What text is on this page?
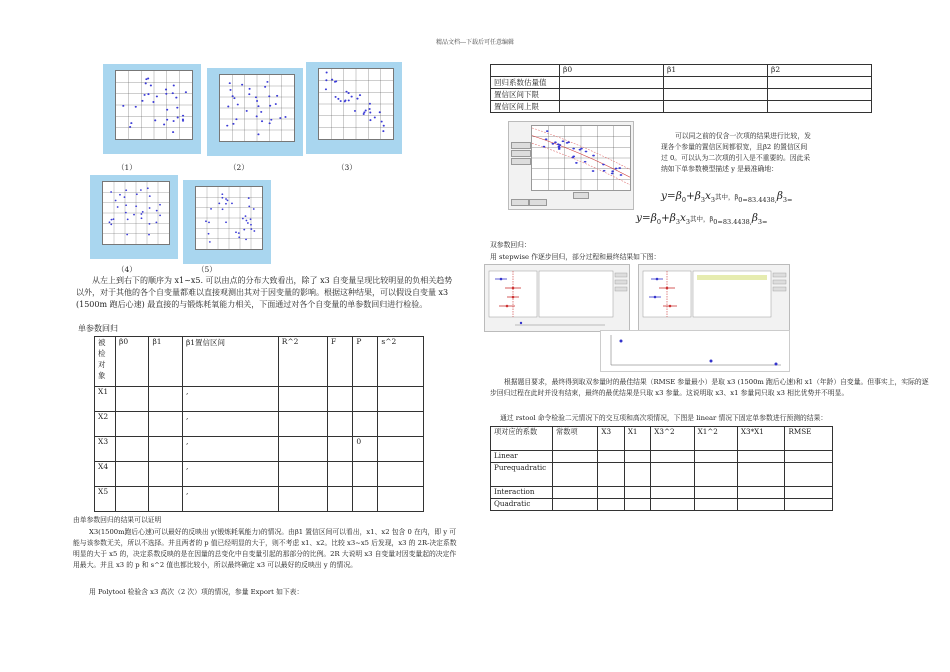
精品文档---下载后可任意编辑
（1）	（2）	（3）
（4）	（5）
从左上到右下的顺序为 x1~x5. 可以由点的分布大致看出，除了 x3 自变量呈现比较明显的负相关趋势以外，对于其他的各个自变量都难以直接观测出其对于因变量的影响。根据这种结果，可以假设自变量 x3 (1500m 跑后心速) 最直接的与锻炼耗氧能力相关，下面通过对各个自变量的单参数回归进行检验。
单参数回归
被检对象	β0	β1	β1置信区间	R^2	F	P	s^2
X1			,				
X2			,				
X3			,			0	
X4			,				
X5			,				
由单参数回归的结果可以证明
X3(1500m跑后心速)可以最好的反映出 y(锻炼耗氧能力)的情况。由β1 置信区间可以看出，x1、x2 包含 0 在内，即 y 可能与该参数无关，所以不选择。并且两者的 p 值已经明显的大于，则不考虑 x1、x2。比较 x3~x5 后发现，x3 的 2R-决定系数明显的大于 x5 的，决定系数反映的是在因量的总变化中自变量引起的那部分的比例。2R 大说明 x3 自变量对因变量起的决定作用最大。并且 x3 的 p 和 s^2 值也都比较小，所以最终确定 x3 可以最好的反映出 y 的情况。
用 Polytool 检验含 x3 高次（2 次）项的情况，参量 Export 如下表：
	β0	β1	β2
回归系数估量值			
置信区间下限			
置信区间上限			
可以同之前的仅含一次项的结果进行比较，发现各个参量的置信区间都很宽，且β2 的置信区间过 0。可以认为二次项的引入是不重要的。因此采纳如下单参数模型描述 y 是最准确地：
$y=\beta_0+\beta_3x_3$其中，$\beta_{0=83.4438,}\beta_{3=}$
$y=\beta_0+\beta_3x_3$其中，$\beta_{0=83.4438,}\beta_{3=}$
双参数回归：
用 stepwise 作逐步回归，部分过程和最终结果如下图：
根据题目要求，最终得到取双参量时的最佳结果（RMSE 参量最小）是取 x3 (1500m 跑后心速)和 x1（年龄）自变量。但事实上，实际的逐步回归过程在此时并没有结束，最终的最优结果是只取 x3 参量。这说明取 x3、x1 参量同只取 x3 相比优势并不明显。
通过 rstool 命令检验二元情况下的交互项和高次项情况，下图是 linear 情况下固定单参数进行预测的结果：
项对应的系数	常数项	X3	X1	X3^2	X1^2	X3*X1	RMSE
Linear							
Purequadratic							
Interaction							
Quadratic							
